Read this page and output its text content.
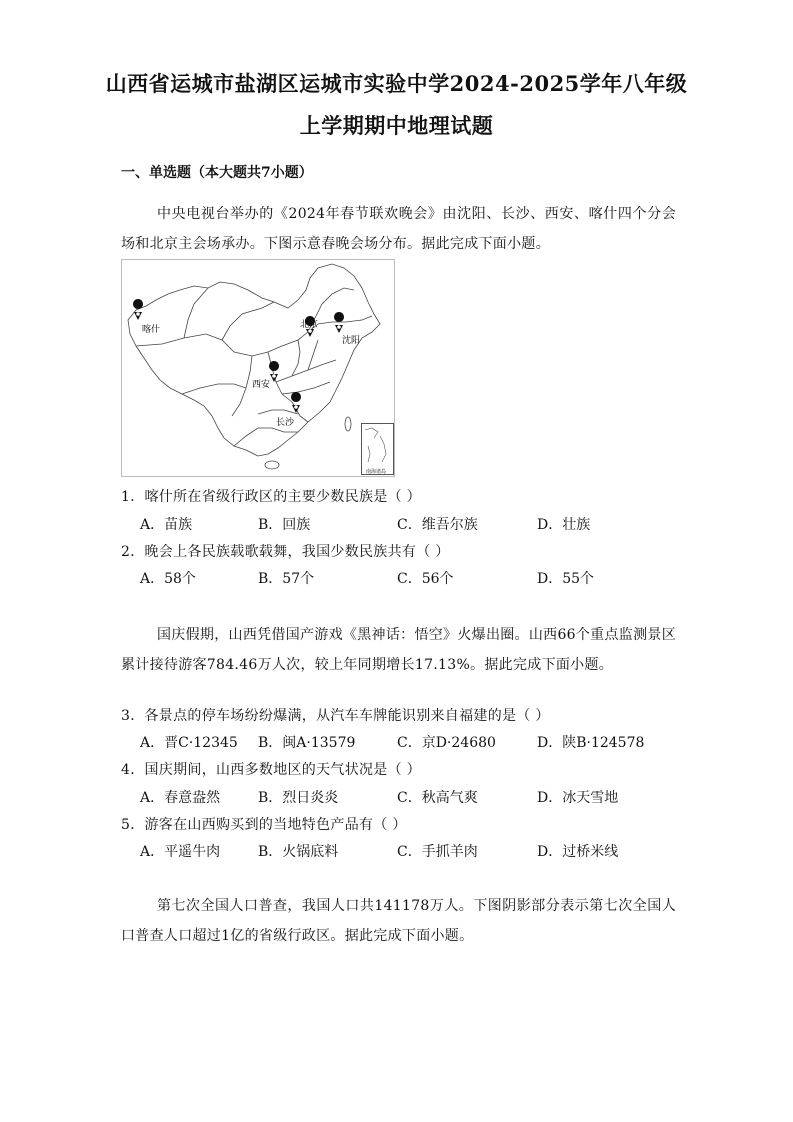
山西省运城市盐湖区运城市实验中学2024-2025学年八年级
上学期期中地理试题
一、单选题（本大题共7小题）
中央电视台举办的《2024年春节联欢晚会》由沈阳、长沙、西安、喀什四个分会场和北京主会场承办。下图示意春晚会场分布。据此完成下面小题。
喀什	北京
沈阳
西安
长沙
南海诸岛
1．喀什所在省级行政区的主要少数民族是（ ）
A．苗族	B．回族	C．维吾尔族	D．壮族
2．晚会上各民族载歌载舞，我国少数民族共有（ ）
A．58个	B．57个	C．56个	D．55个
国庆假期，山西凭借国产游戏《黑神话：悟空》火爆出圈。山西66个重点监测景区累计接待游客784.46万人次，较上年同期增长17.13%。据此完成下面小题。
3．各景点的停车场纷纷爆满，从汽车车牌能识别来自福建的是（ ）
A．晋C·12345 B．闽A·13579	C．京D·24680	D．陕B·124578
4．国庆期间，山西多数地区的天气状况是（ ）
A．春意盎然	B．烈日炎炎	C．秋高气爽	D．冰天雪地
5．游客在山西购买到的当地特色产品有（ ）
A．平遥牛肉	B．火锅底料	C．手抓羊肉	D．过桥米线
第七次全国人口普查，我国人口共141178万人。下图阴影部分表示第七次全国人口普查人口超过1亿的省级行政区。据此完成下面小题。
